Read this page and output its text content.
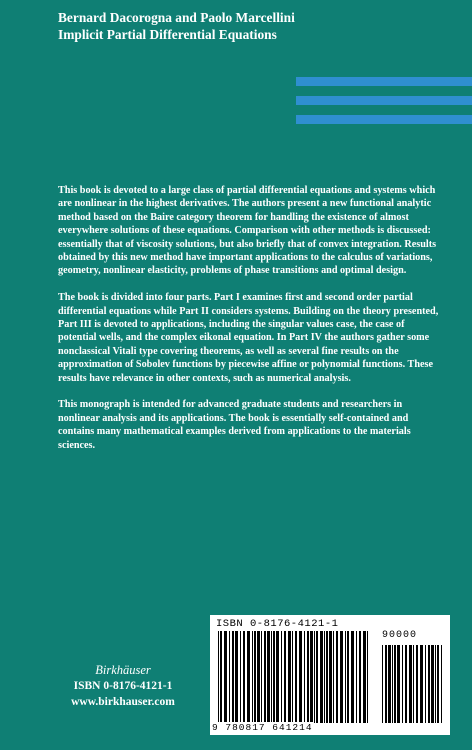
Bernard Dacorogna and Paolo Marcellini
Implicit Partial Differential Equations

This book is devoted to a large class of partial differential equations and systems which are nonlinear in the highest derivatives. The authors present a new functional analytic method based on the Baire category theorem for handling the existence of almost everywhere solutions of these equations. Comparison with other methods is discussed: essentially that of viscosity solutions, but also briefly that of convex integration. Results obtained by this new method have important applications to the calculus of variations, geometry, nonlinear elasticity, problems of phase transitions and optimal design.

The book is divided into four parts. Part I examines first and second order partial differential equations while Part II considers systems. Building on the theory presented, Part III is devoted to applications, including the singular values case, the case of potential wells, and the complex eikonal equation. In Part IV the authors gather some nonclassical Vitali type covering theorems, as well as several fine results on the approximation of Sobolev functions by piecewise affine or polynomial functions. These results have relevance in other contexts, such as numerical analysis.

This monograph is intended for advanced graduate students and researchers in nonlinear analysis and its applications. The book is essentially self-contained and contains many mathematical examples derived from applications to the materials sciences.

Birkhäuser
ISBN 0-8176-4121-1
www.birkhauser.com
ISBN 0-8176-4121-1
90000
9 780817 641214
